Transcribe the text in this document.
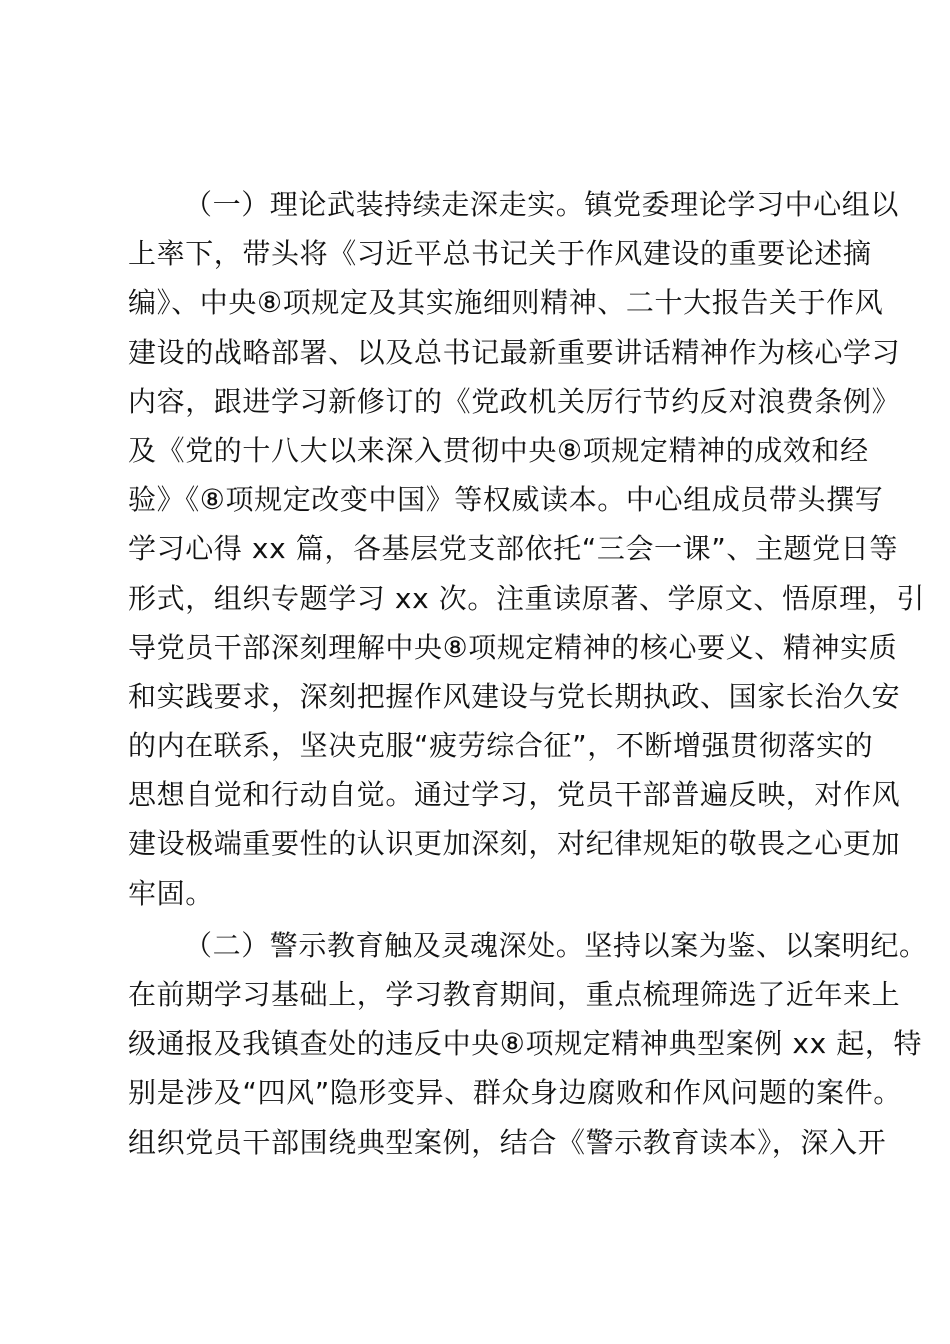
（一）理论武装持续走深走实。镇党委理论学习中心组以
上率下，带头将《习近平总书记关于作风建设的重要论述摘
编》、中央⑧项规定及其实施细则精神、二十大报告关于作风
建设的战略部署、以及总书记最新重要讲话精神作为核心学习
内容，跟进学习新修订的《党政机关厉行节约反对浪费条例》
及《党的十八大以来深入贯彻中央⑧项规定精神的成效和经
验》《⑧项规定改变中国》等权威读本。中心组成员带头撰写
学习心得 xx 篇，各基层党支部依托“三会一课”、主题党日等
形式，组织专题学习 xx 次。注重读原著、学原文、悟原理，引
导党员干部深刻理解中央⑧项规定精神的核心要义、精神实质
和实践要求，深刻把握作风建设与党长期执政、国家长治久安
的内在联系，坚决克服“疲劳综合征”，不断增强贯彻落实的
思想自觉和行动自觉。通过学习，党员干部普遍反映，对作风
建设极端重要性的认识更加深刻，对纪律规矩的敬畏之心更加
牢固。
（二）警示教育触及灵魂深处。坚持以案为鉴、以案明纪。
在前期学习基础上，学习教育期间，重点梳理筛选了近年来上
级通报及我镇查处的违反中央⑧项规定精神典型案例 xx 起，特
别是涉及“四风”隐形变异、群众身边腐败和作风问题的案件。
组织党员干部围绕典型案例，结合《警示教育读本》，深入开
